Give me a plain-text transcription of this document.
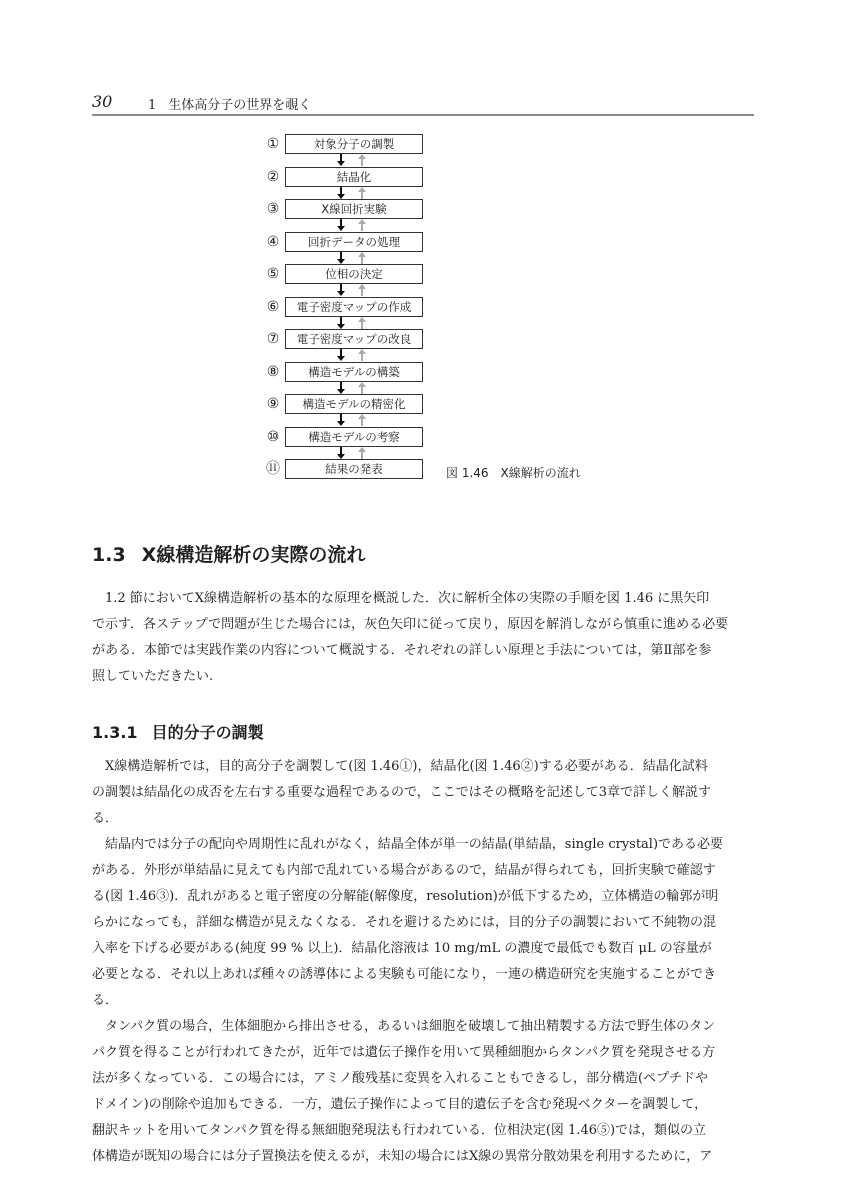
30	1 生体高分子の世界を覗く
①	対象分子の調製
②	結晶化
③	X線回折実験
④	回折データの処理
⑤	位相の決定
⑥	電子密度マップの作成
⑦	電子密度マップの改良
⑧	構造モデルの構築
⑨	構造モデルの精密化
⑩	構造モデルの考察
⑪	結果の発表	図 1.46　X線解析の流れ
1.3 X線構造解析の実際の流れ
　1.2 節においてX線構造解析の基本的な原理を概説した．次に解析全体の実際の手順を図 1.46 に黒矢印
で示す．各ステップで問題が生じた場合には，灰色矢印に従って戻り，原因を解消しながら慎重に進める必要
がある．本節では実践作業の内容について概説する．それぞれの詳しい原理と手法については，第Ⅱ部を参
照していただきたい.
1.3.1 目的分子の調製
　X線構造解析では，目的高分子を調製して(図 1.46①)，結晶化(図 1.46②)する必要がある．結晶化試料
の調製は結晶化の成否を左右する重要な過程であるので，ここではその概略を記述して3章で詳しく解説す
る．
　結晶内では分子の配向や周期性に乱れがなく，結晶全体が単一の結晶(単結晶，single crystal)である必要
がある．外形が単結晶に見えても内部で乱れている場合があるので，結晶が得られても，回折実験で確認す
る(図 1.46③)．乱れがあると電子密度の分解能(解像度，resolution)が低下するため，立体構造の輪郭が明
らかになっても，詳細な構造が見えなくなる．それを避けるためには，目的分子の調製において不純物の混
入率を下げる必要がある(純度 99 % 以上)．結晶化溶液は 10 mg/mL の濃度で最低でも数百 μL の容量が
必要となる．それ以上あれば種々の誘導体による実験も可能になり，一連の構造研究を実施することができ
る．
　タンパク質の場合，生体細胞から排出させる，あるいは細胞を破壊して抽出精製する方法で野生体のタン
パク質を得ることが行われてきたが，近年では遺伝子操作を用いて異種細胞からタンパク質を発現させる方
法が多くなっている．この場合には，アミノ酸残基に変異を入れることもできるし，部分構造(ペプチドや
ドメイン)の削除や追加もできる．一方，遺伝子操作によって目的遺伝子を含む発現ベクターを調製して，
翻訳キットを用いてタンパク質を得る無細胞発現法も行われている．位相決定(図 1.46⑤)では，類似の立
体構造が既知の場合には分子置換法を使えるが，未知の場合にはX線の異常分散効果を利用するために，ア
